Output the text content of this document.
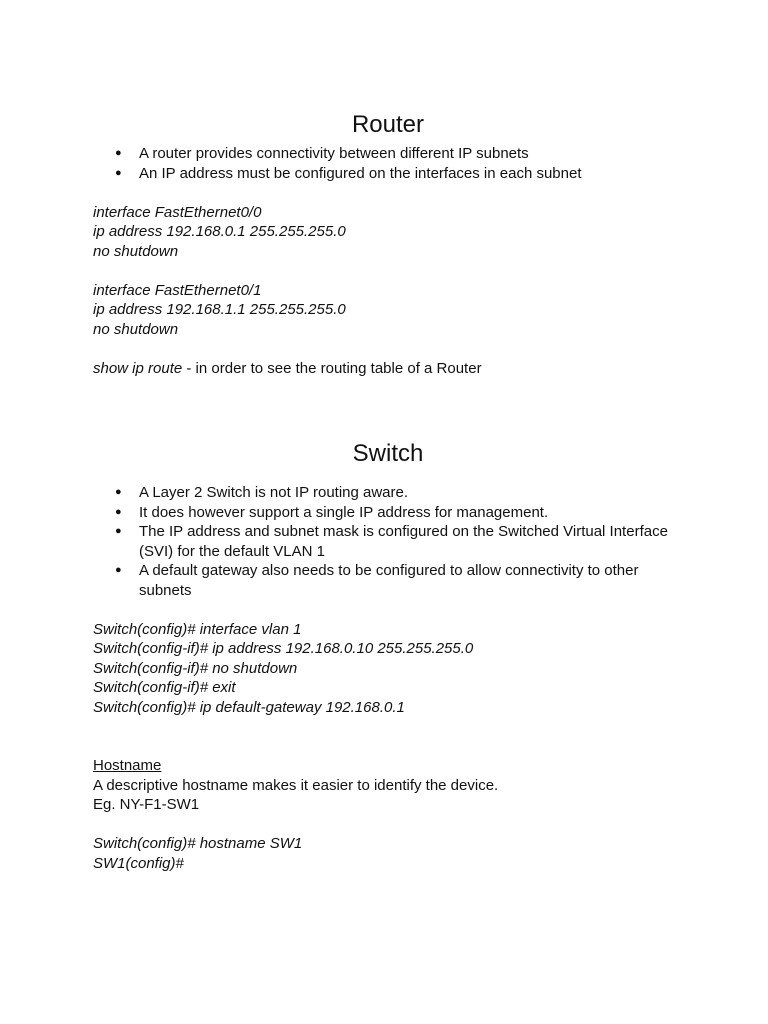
Router
● A router provides connectivity between different IP subnets
● An IP address must be configured on the interfaces in each subnet

interface FastEthernet0/0

ip address 192.168.0.1 255.255.255.0

no shutdown

interface FastEthernet0/1

ip address 192.168.1.1 255.255.255.0

no shutdown

show ip route - in order to see the routing table of a Router

Switch
● A Layer 2 Switch is not IP routing aware.
● It does however support a single IP address for management.
● The IP address and subnet mask is configured on the Switched Virtual Interface (SVI) for the default VLAN 1
● A default gateway also needs to be configured to allow connectivity to other subnets

Switch(config)# interface vlan 1

Switch(config-if)# ip address 192.168.0.10 255.255.255.0

Switch(config-if)# no shutdown

Switch(config-if)# exit

Switch(config)# ip default-gateway 192.168.0.1

Hostname

A descriptive hostname makes it easier to identify the device.

Eg. NY-F1-SW1

Switch(config)# hostname SW1

SW1(config)#
